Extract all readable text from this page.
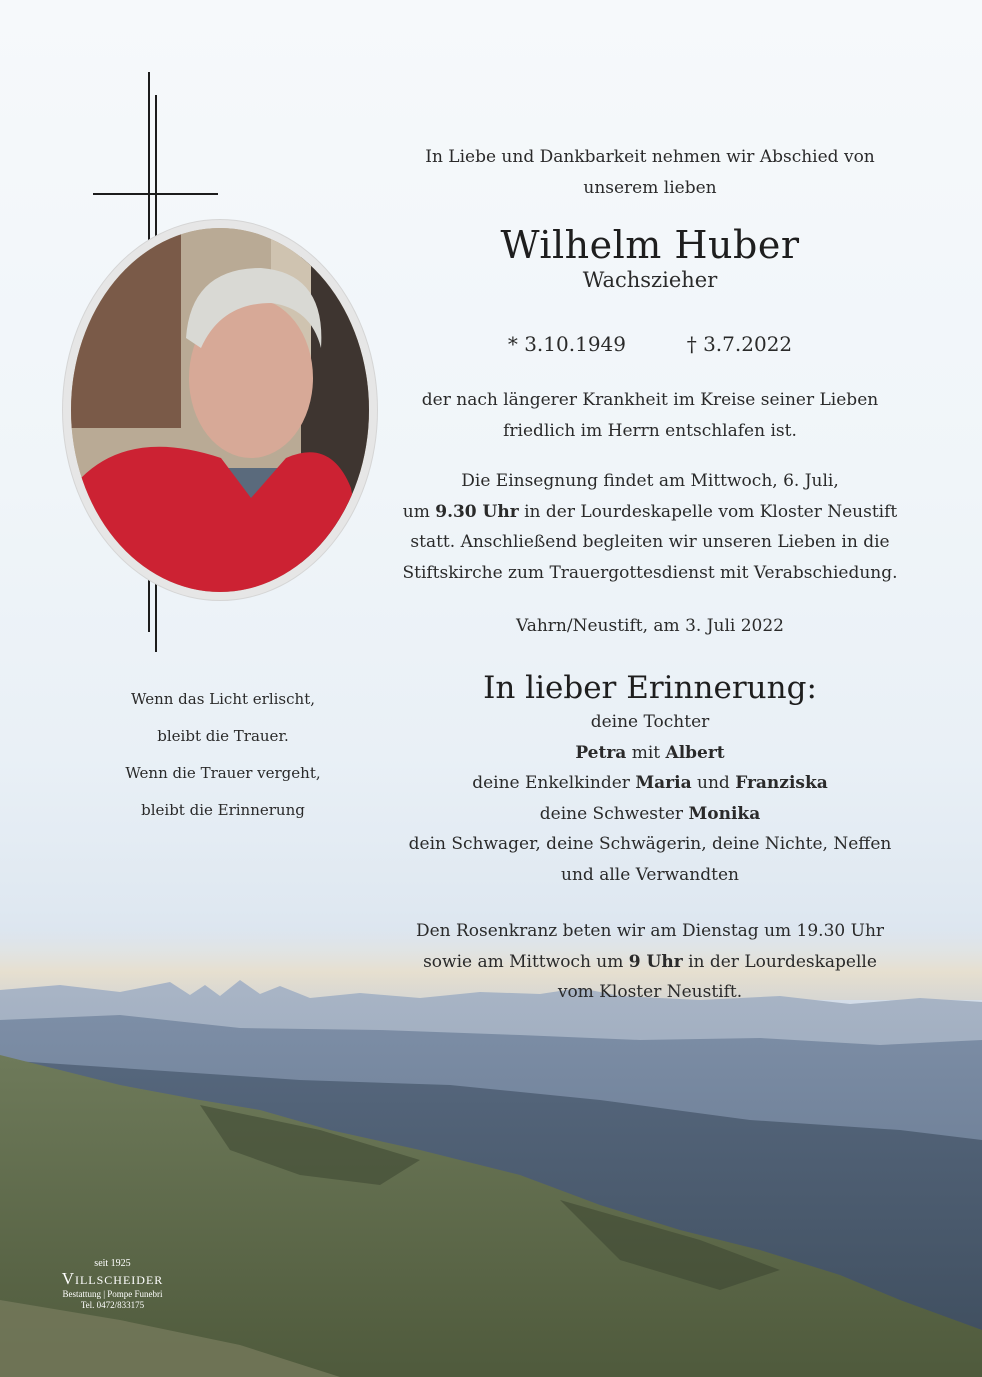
In Liebe und Dankbarkeit nehmen wir Abschied von
unserem lieben
Wilhelm Huber
Wachszieher
* 3.10.1949	† 3.7.2022
der nach längerer Krankheit im Kreise seiner Lieben
friedlich im Herrn entschlafen ist.
Die Einsegnung findet am Mittwoch, 6. Juli,
um 9.30 Uhr in der Lourdeskapelle vom Kloster Neustift
statt. Anschließend begleiten wir unseren Lieben in die
Stiftskirche zum Trauergottesdienst mit Verabschiedung.
Vahrn/Neustift, am 3. Juli 2022
In lieber Erinnerung:
deine Tochter
Petra mit Albert
deine Enkelkinder Maria und Franziska
deine Schwester Monika
dein Schwager, deine Schwägerin, deine Nichte, Neffen
und alle Verwandten
Den Rosenkranz beten wir am Dienstag um 19.30 Uhr
sowie am Mittwoch um 9 Uhr in der Lourdeskapelle
vom Kloster Neustift.
Wenn das Licht erlischt,
bleibt die Trauer.
Wenn die Trauer vergeht,
bleibt die Erinnerung
seit 1925
Villscheider
Bestattung | Pompe Funebri
Tel. 0472/833175
